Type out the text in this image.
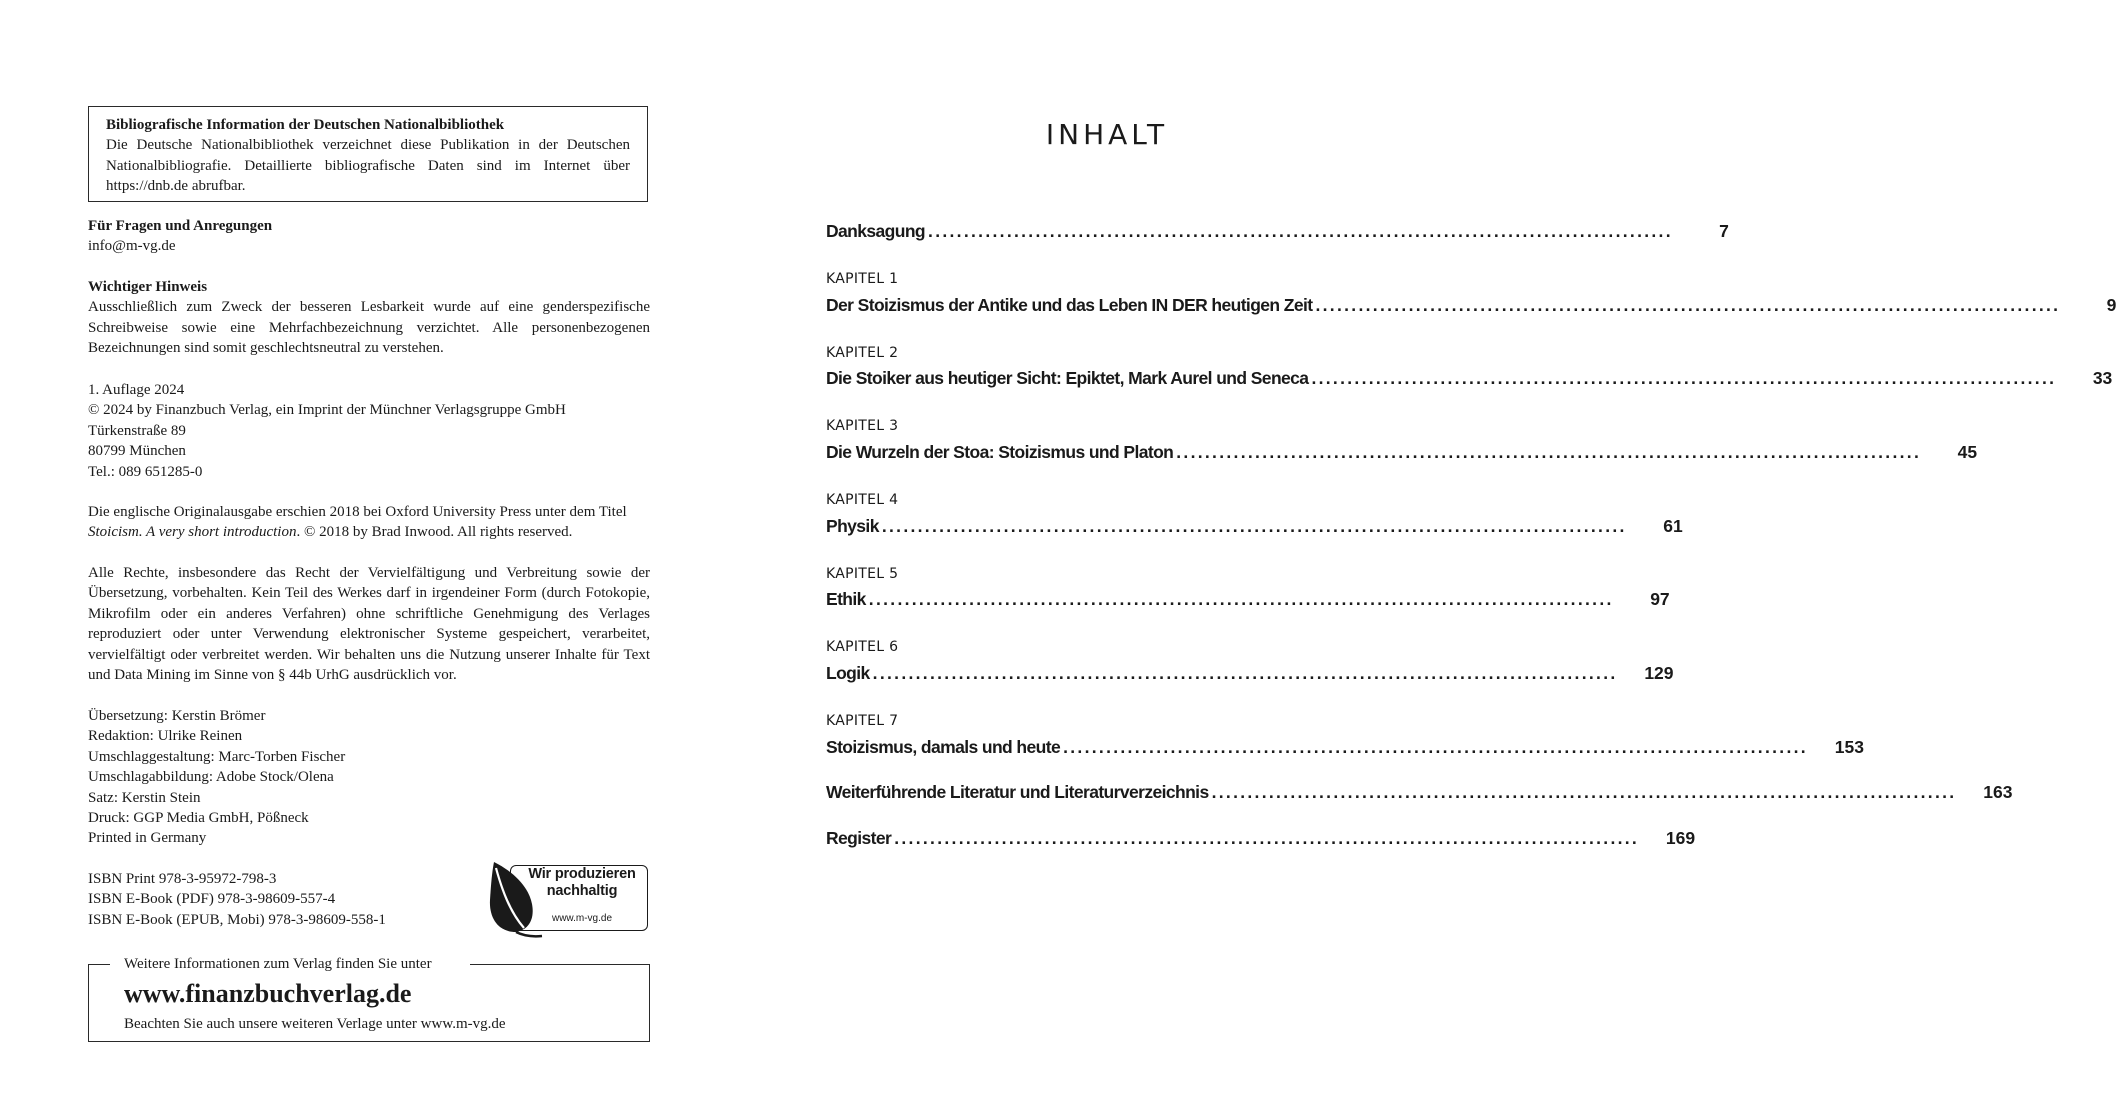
Bibliografische Information der Deutschen Nationalbibliothek

Die Deutsche Nationalbibliothek verzeichnet diese Publikation in der Deutschen Nationalbibliografie. Detaillierte bibliografische Daten sind im Internet über https://dnb.de abrufbar.

Für Fragen und Anregungen

info@m-vg.de

Wichtiger Hinweis

Ausschließlich zum Zweck der besseren Lesbarkeit wurde auf eine genderspezifische Schreibweise sowie eine Mehrfachbezeichnung verzichtet. Alle personenbezogenen Bezeichnungen sind somit geschlechtsneutral zu verstehen.

1. Auflage 2024

© 2024 by Finanzbuch Verlag, ein Imprint der Münchner Verlagsgruppe GmbH

Türkenstraße 89

80799 München

Tel.: 089 651285-0

Die englische Originalausgabe erschien 2018 bei Oxford University Press unter dem Titel Stoicism. A very short introduction. © 2018 by Brad Inwood. All rights reserved.

Alle Rechte, insbesondere das Recht der Vervielfältigung und Verbreitung sowie der Übersetzung, vorbehalten. Kein Teil des Werkes darf in irgendeiner Form (durch Fotokopie, Mikrofilm oder ein anderes Verfahren) ohne schriftliche Genehmigung des Verlages reproduziert oder unter Verwendung elektronischer Systeme gespeichert, verarbeitet, vervielfältigt oder verbreitet werden. Wir behalten uns die Nutzung unserer Inhalte für Text und Data Mining im Sinne von § 44b UrhG ausdrücklich vor.

Übersetzung: Kerstin Brömer

Redaktion: Ulrike Reinen

Umschlaggestaltung: Marc-Torben Fischer

Umschlagabbildung: Adobe Stock/Olena

Satz: Kerstin Stein

Druck: GGP Media GmbH, Pößneck

Printed in Germany

ISBN Print 978-3-95972-798-3

ISBN E-Book (PDF) 978-3-98609-557-4

ISBN E-Book (EPUB, Mobi) 978-3-98609-558-1

Wir produzieren
nachhaltig
www.m-vg.de
Weitere Informationen zum Verlag finden Sie unter
www.finanzbuchverlag.de
Beachten Sie auch unsere weiteren Verlage unter www.m-vg.de
INHALT
Danksagung ........................................................................................................	7
KAPITEL 1
Der Stoizismus der Antike und das Leben IN DER heutigen Zeit ........................................................................................................	9
KAPITEL 2
Die Stoiker aus heutiger Sicht: Epiktet, Mark Aurel und Seneca ........................................................................................................	33
KAPITEL 3
Die Wurzeln der Stoa: Stoizismus und Platon ........................................................................................................	45
KAPITEL 4
Physik ........................................................................................................	61
KAPITEL 5
Ethik ........................................................................................................	97
KAPITEL 6
Logik ........................................................................................................	129
KAPITEL 7
Stoizismus, damals und heute ........................................................................................................	153
Weiterführende Literatur und Literaturverzeichnis ........................................................................................................	163
Register ........................................................................................................	169
